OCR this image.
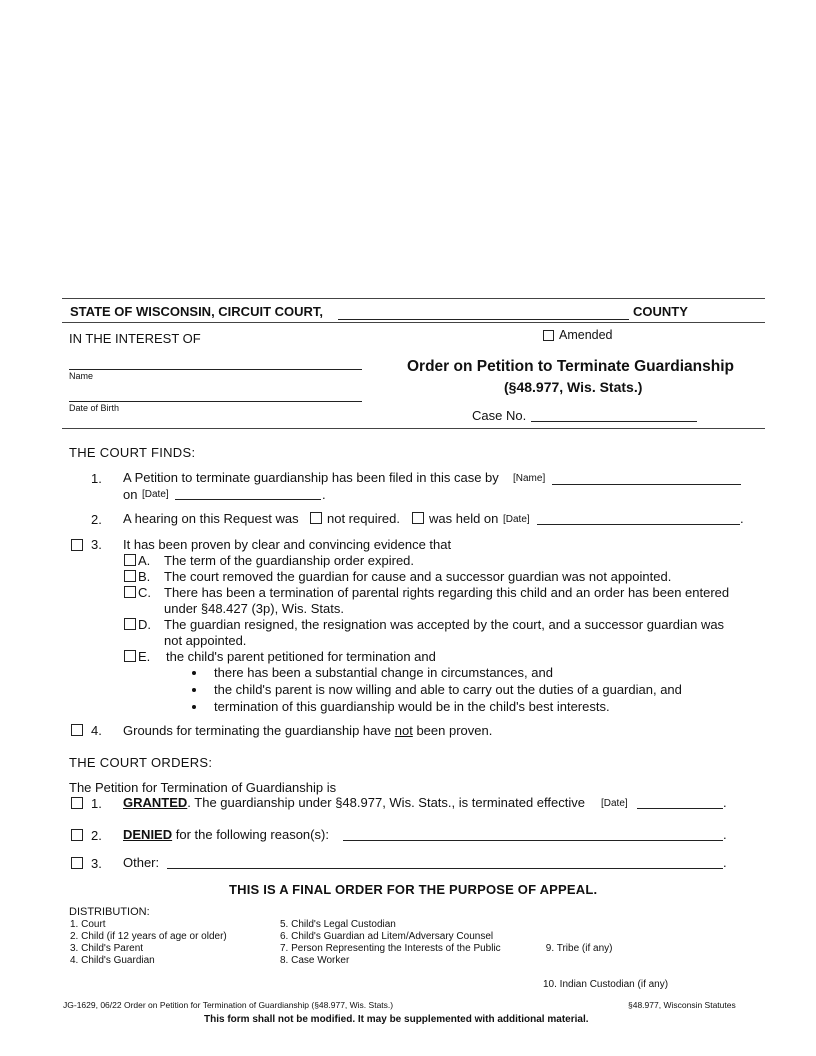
STATE OF WISCONSIN, CIRCUIT COURT,	COUNTY
IN THE INTEREST OF	Amended
Name
Date of Birth
Order on Petition to Terminate Guardianship
(§48.977, Wis. Stats.)
Case No.
THE COURT FINDS:
1. A Petition to terminate guardianship has been filed in this case by [Name]
on [Date]	.
2. A hearing on this Request was not required. was held on [Date]	.
3. It has been proven by clear and convincing evidence that
A. The term of the guardianship order expired.
B. The court removed the guardian for cause and a successor guardian was not appointed.
C. There has been a termination of parental rights regarding this child and an order has been entered
under §48.427 (3p), Wis. Stats.
D. The guardian resigned, the resignation was accepted by the court, and a successor guardian was
not appointed.
E. the child's parent petitioned for termination and
there has been a substantial change in circumstances, and
the child's parent is now willing and able to carry out the duties of a guardian, and
termination of this guardianship would be in the child's best interests.
4. Grounds for terminating the guardianship have not been proven.
THE COURT ORDERS:
The Petition for Termination of Guardianship is
1. GRANTED. The guardianship under §48.977, Wis. Stats., is terminated effective [Date]	.
2. DENIED for the following reason(s):	.
3. Other:	.
THIS IS A FINAL ORDER FOR THE PURPOSE OF APPEAL.
DISTRIBUTION:
1. Court
2. Child (if 12 years of age or older)
3. Child's Parent
4. Child's Guardian
5. Child's Legal Custodian
6. Child's Guardian ad Litem/Adversary Counsel
7. Person Representing the Interests of the Public
8. Case Worker

9. Tribe (if any)

10. Indian Custodian (if any)

JG-1629, 06/22 Order on Petition for Termination of Guardianship (§48.977, Wis. Stats.)	§48.977, Wisconsin Statutes
This form shall not be modified. It may be supplemented with additional material.
